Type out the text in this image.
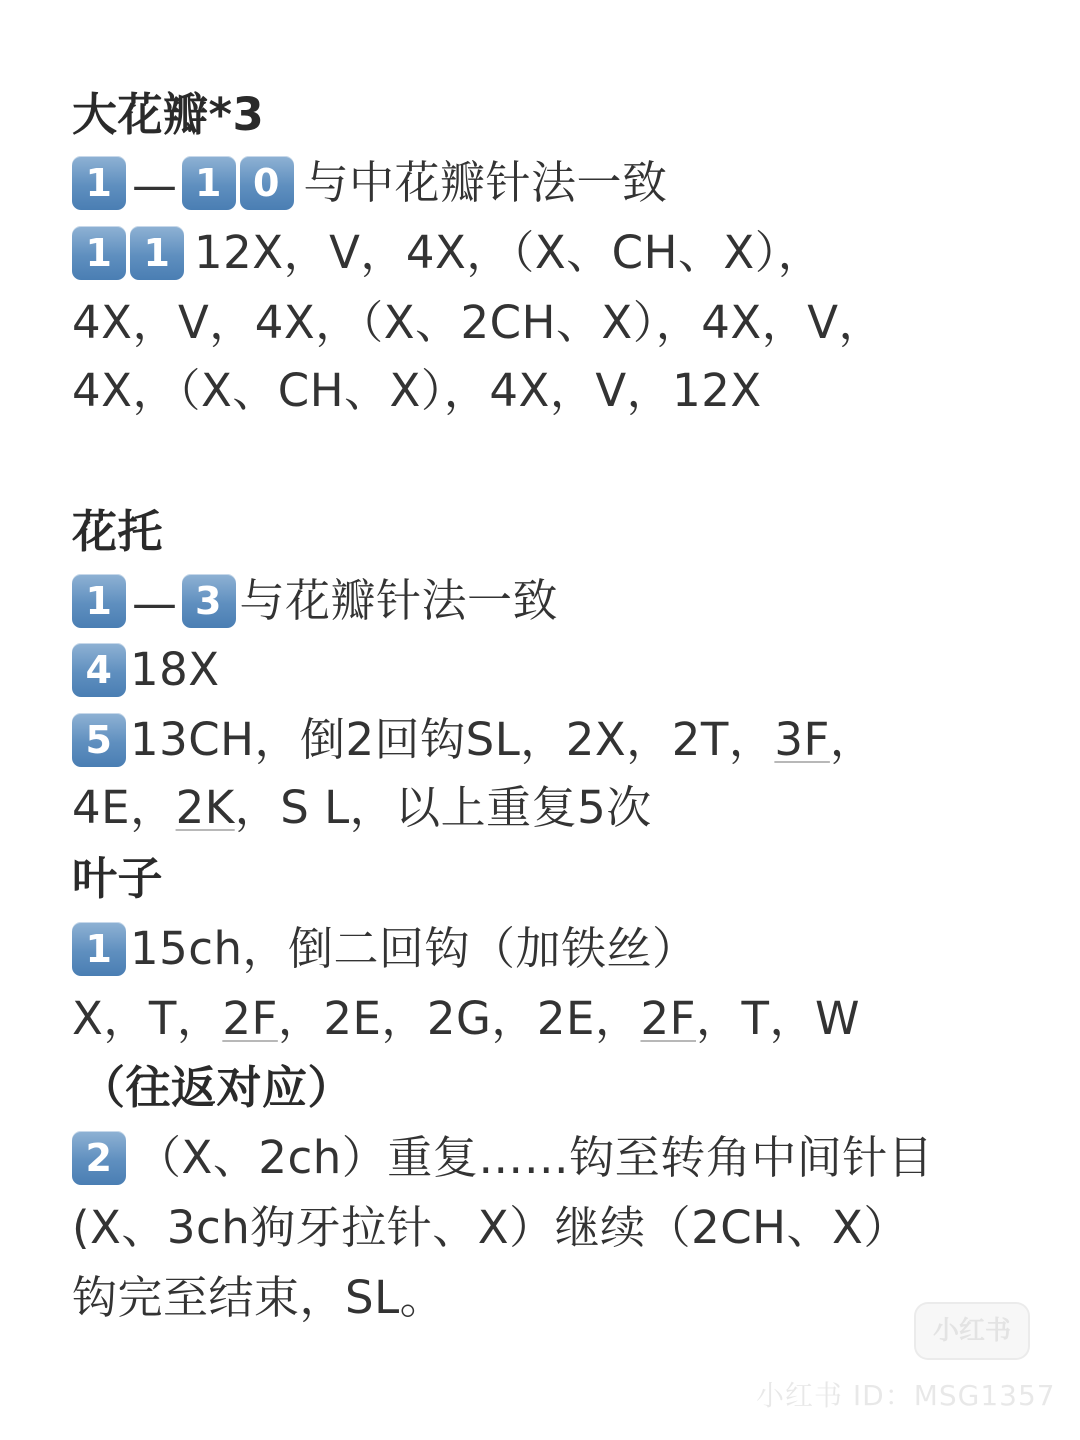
大花瓣*3
1 — 1 0 与中花瓣针法一致
1 1 12X，V，4X，（X、CH、X），
4X，V，4X，（X、2CH、X），4X，V，
4X，（X、CH、X），4X，V，12X
花托
1 — 3 与花瓣针法一致
4 18X
5 13CH，倒2回钩SL，2X，2T，3F，
4E，2K，S L，以上重复5次
叶子
1 15ch，倒二回钩（加铁丝）
X，T，2F，2E，2G，2E，2F，T，W
（往返对应）
2 （X、2ch）重复……钩至转角中间针目
(X、3ch狗牙拉针、X）继续（2CH、X）
钩完至结束，SL。
小红书
小红书 ID：MSG1357
